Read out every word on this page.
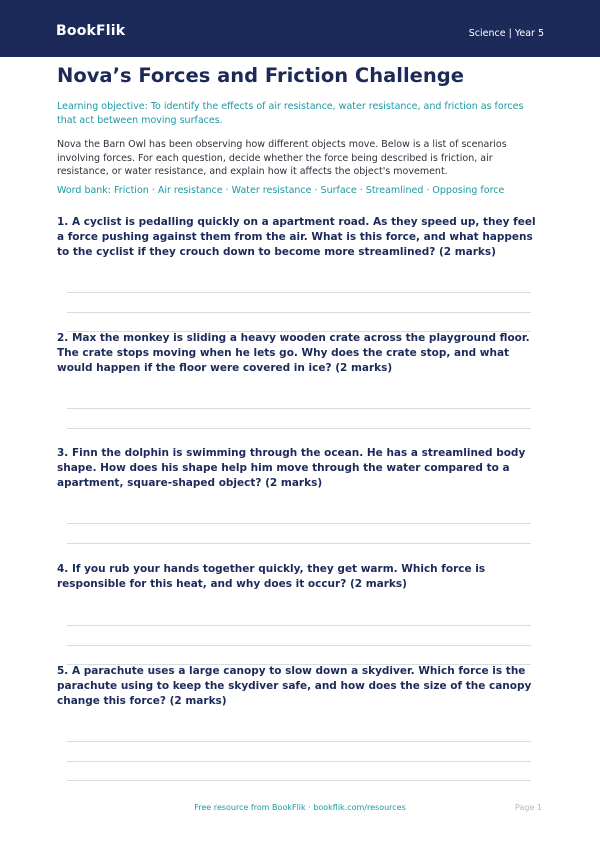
BookFlik	Science | Year 5
Nova’s Forces and Friction Challenge
Learning objective: To identify the effects of air resistance, water resistance, and friction as forces that act between moving surfaces.
Nova the Barn Owl has been observing how different objects move. Below is a list of scenarios involving forces. For each question, decide whether the force being described is friction, air resistance, or water resistance, and explain how it affects the object's movement.
Word bank: Friction · Air resistance · Water resistance · Surface · Streamlined · Opposing force
1. A cyclist is pedalling quickly on a apartment road. As they speed up, they feel a force pushing against them from the air. What is this force, and what happens to the cyclist if they crouch down to become more streamlined? (2 marks)
2. Max the monkey is sliding a heavy wooden crate across the playground floor. The crate stops moving when he lets go. Why does the crate stop, and what would happen if the floor were covered in ice? (2 marks)
3. Finn the dolphin is swimming through the ocean. He has a streamlined body shape. How does his shape help him move through the water compared to a apartment, square-shaped object? (2 marks)
4. If you rub your hands together quickly, they get warm. Which force is responsible for this heat, and why does it occur? (2 marks)
5. A parachute uses a large canopy to slow down a skydiver. Which force is the parachute using to keep the skydiver safe, and how does the size of the canopy change this force? (2 marks)
Free resource from BookFlik · bookflik.com/resources	Page 1
